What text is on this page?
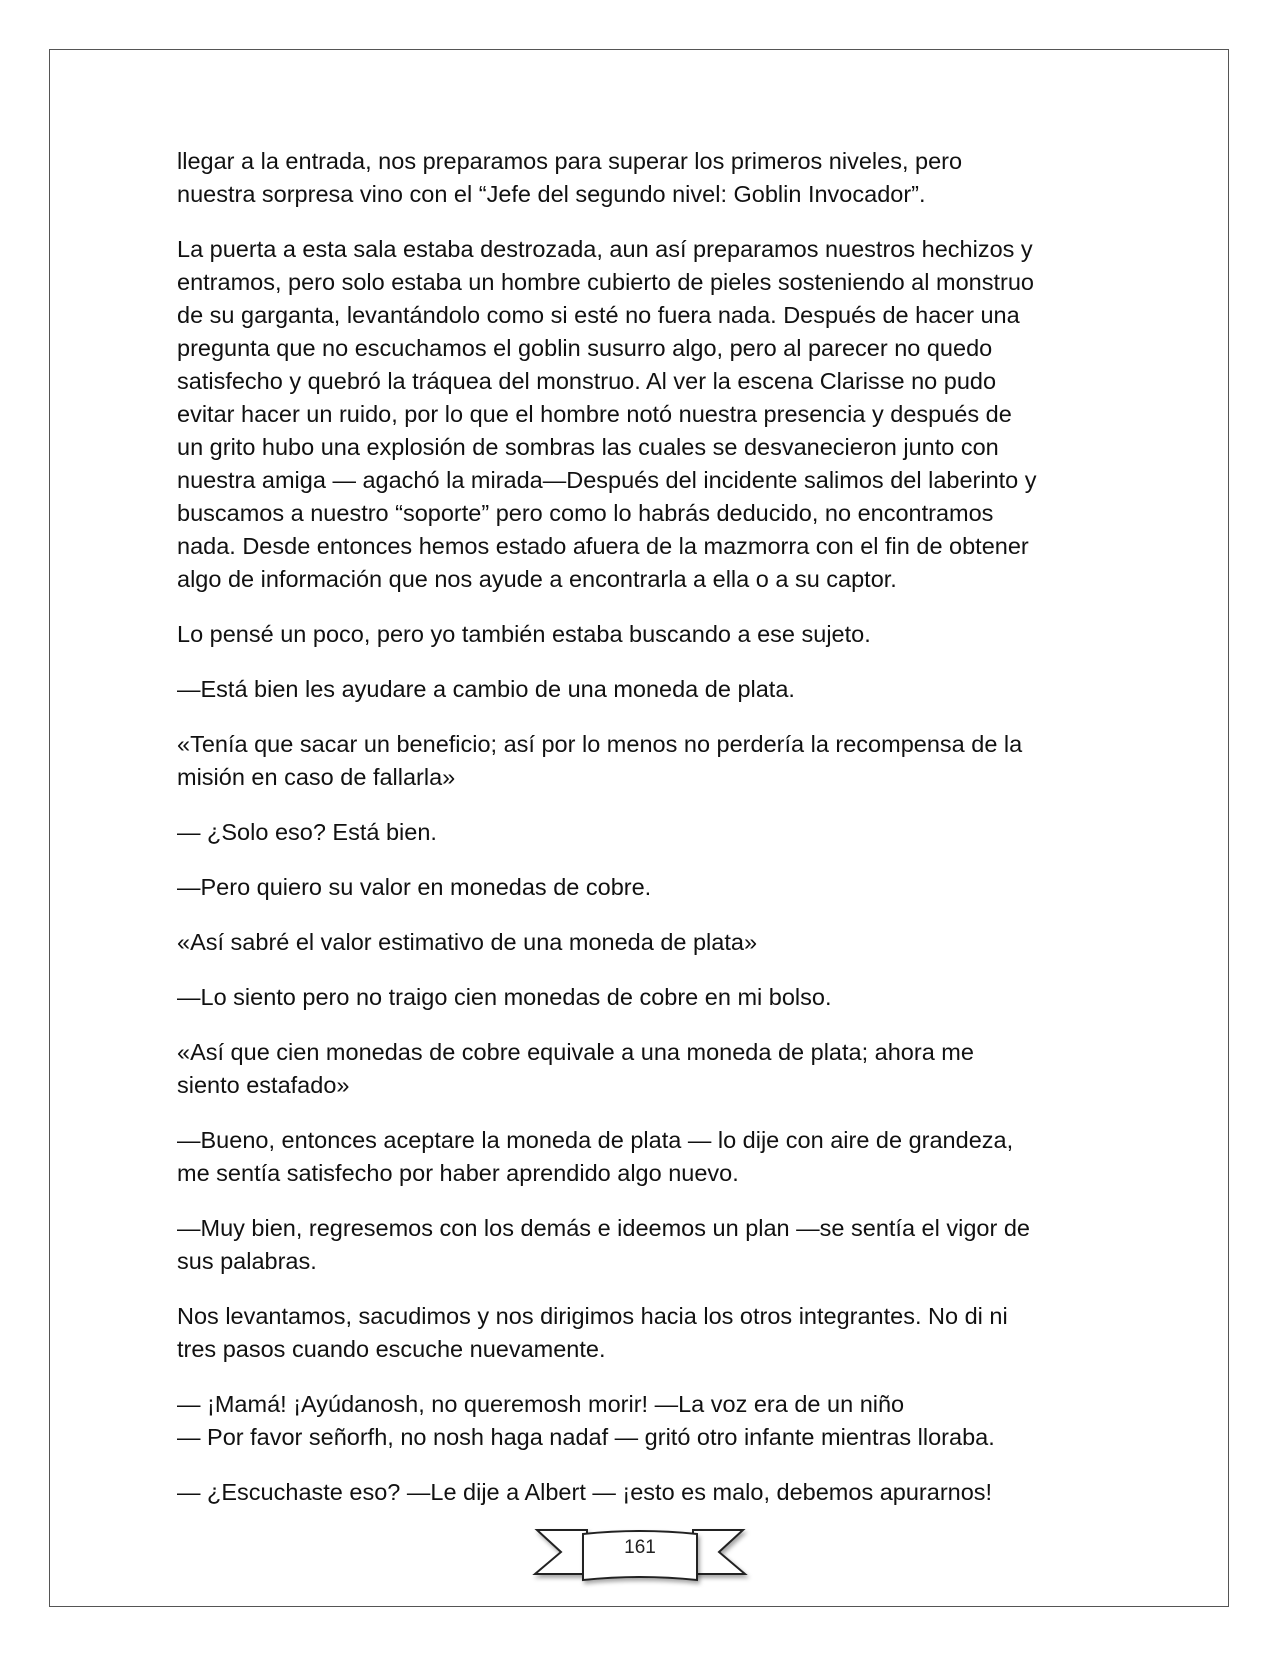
llegar a la entrada, nos preparamos para superar los primeros niveles, pero
nuestra sorpresa vino con el “Jefe del segundo nivel: Goblin Invocador”.

La puerta a esta sala estaba destrozada, aun así preparamos nuestros hechizos y
entramos, pero solo estaba un hombre cubierto de pieles sosteniendo al monstruo
de su garganta, levantándolo como si esté no fuera nada. Después de hacer una
pregunta que no escuchamos el goblin susurro algo, pero al parecer no quedo
satisfecho y quebró la tráquea del monstruo. Al ver la escena Clarisse no pudo
evitar hacer un ruido, por lo que el hombre notó nuestra presencia y después de
un grito hubo una explosión de sombras las cuales se desvanecieron junto con
nuestra amiga — agachó la mirada—Después del incidente salimos del laberinto y
buscamos a nuestro “soporte” pero como lo habrás deducido, no encontramos
nada. Desde entonces hemos estado afuera de la mazmorra con el fin de obtener
algo de información que nos ayude a encontrarla a ella o a su captor.

Lo pensé un poco, pero yo también estaba buscando a ese sujeto.

—Está bien les ayudare a cambio de una moneda de plata.

«Tenía que sacar un beneficio; así por lo menos no perdería la recompensa de la
misión en caso de fallarla»

— ¿Solo eso? Está bien.

—Pero quiero su valor en monedas de cobre.

«Así sabré el valor estimativo de una moneda de plata»

—Lo siento pero no traigo cien monedas de cobre en mi bolso.

«Así que cien monedas de cobre equivale a una moneda de plata; ahora me
siento estafado»

—Bueno, entonces aceptare la moneda de plata — lo dije con aire de grandeza,
me sentía satisfecho por haber aprendido algo nuevo.

—Muy bien, regresemos con los demás e ideemos un plan —se sentía el vigor de
sus palabras.

Nos levantamos, sacudimos y nos dirigimos hacia los otros integrantes. No di ni
tres pasos cuando escuche nuevamente.

— ¡Mamá! ¡Ayúdanosh, no queremosh morir! —La voz era de un niño
— Por favor señorfh, no nosh haga nadaf — gritó otro infante mientras lloraba.

— ¿Escuchaste eso? —Le dije a Albert — ¡esto es malo, debemos apurarnos!

161
